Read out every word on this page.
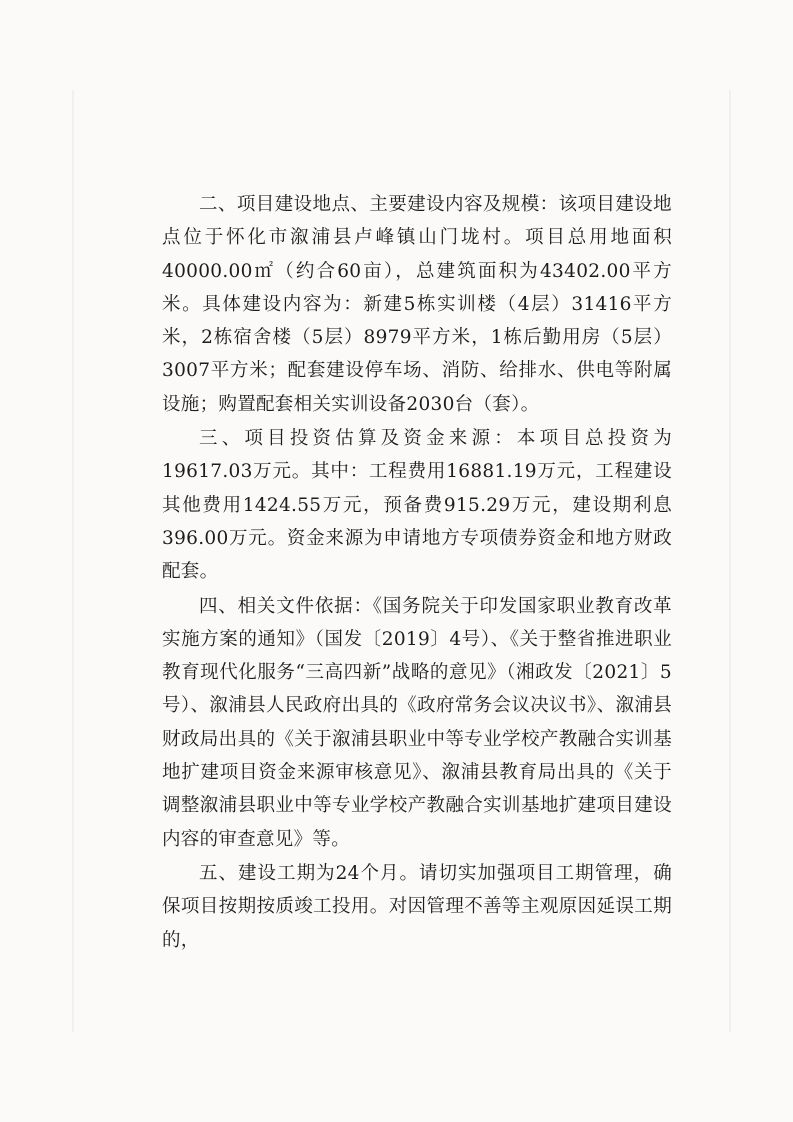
二、项目建设地点、主要建设内容及规模：该项目建设地点位于怀化市溆浦县卢峰镇山门垅村。项目总用地面积40000.00㎡（约合60亩），总建筑面积为43402.00平方米。具体建设内容为：新建5栋实训楼（4层）31416平方米，2栋宿舍楼（5层）8979平方米，1栋后勤用房（5层）3007平方米；配套建设停车场、消防、给排水、供电等附属设施；购置配套相关实训设备2030台（套）。

三、项目投资估算及资金来源：本项目总投资为19617.03万元。其中：工程费用16881.19万元，工程建设其他费用1424.55万元，预备费915.29万元，建设期利息396.00万元。资金来源为申请地方专项债券资金和地方财政配套。

四、相关文件依据：《国务院关于印发国家职业教育改革实施方案的通知》（国发〔2019〕4号）、《关于整省推进职业教育现代化服务“三高四新”战略的意见》（湘政发〔2021〕5号）、溆浦县人民政府出具的《政府常务会议决议书》、溆浦县财政局出具的《关于溆浦县职业中等专业学校产教融合实训基地扩建项目资金来源审核意见》、溆浦县教育局出具的《关于调整溆浦县职业中等专业学校产教融合实训基地扩建项目建设内容的审查意见》等。

五、建设工期为24个月。请切实加强项目工期管理，确保项目按期按质竣工投用。对因管理不善等主观原因延误工期的，
